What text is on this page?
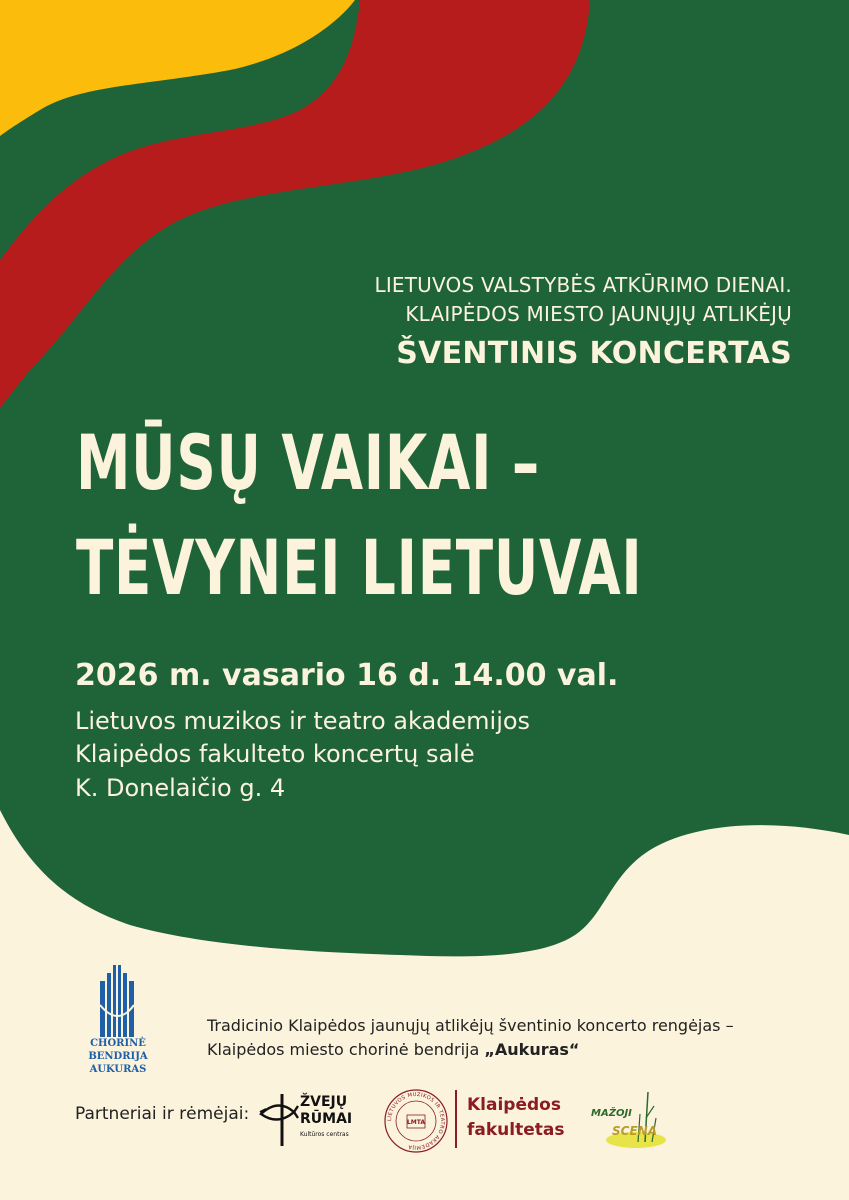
LIETUVOS VALSTYBĖS ATKŪRIMO DIENAI.
KLAIPĖDOS MIESTO JAUNŲJŲ ATLIKĖJŲ
ŠVENTINIS KONCERTAS
MŪSŲ VAIKAI –
TĖVYNEI LIETUVAI
2026 m. vasario 16 d. 14.00 val.
Lietuvos muzikos ir teatro akademijos
Klaipėdos fakulteto koncertų salė
K. Donelaičio g. 4
CHORINĖ BENDRIJA
AUKURAS
Tradicinio Klaipėdos jaunųjų atlikėjų šventinio koncerto rengėjas –
Klaipėdos miesto chorinė bendrija „Aukuras“
Partneriai ir rėmėjai:
ŽVEJŲ
RŪMAI
Kultūros centras
LIETUVOS MUZIKOS IR TEATRO AKADEMIJA
LMTA
Klaipėdos
fakultetas
MAŽOJI
SCENA
